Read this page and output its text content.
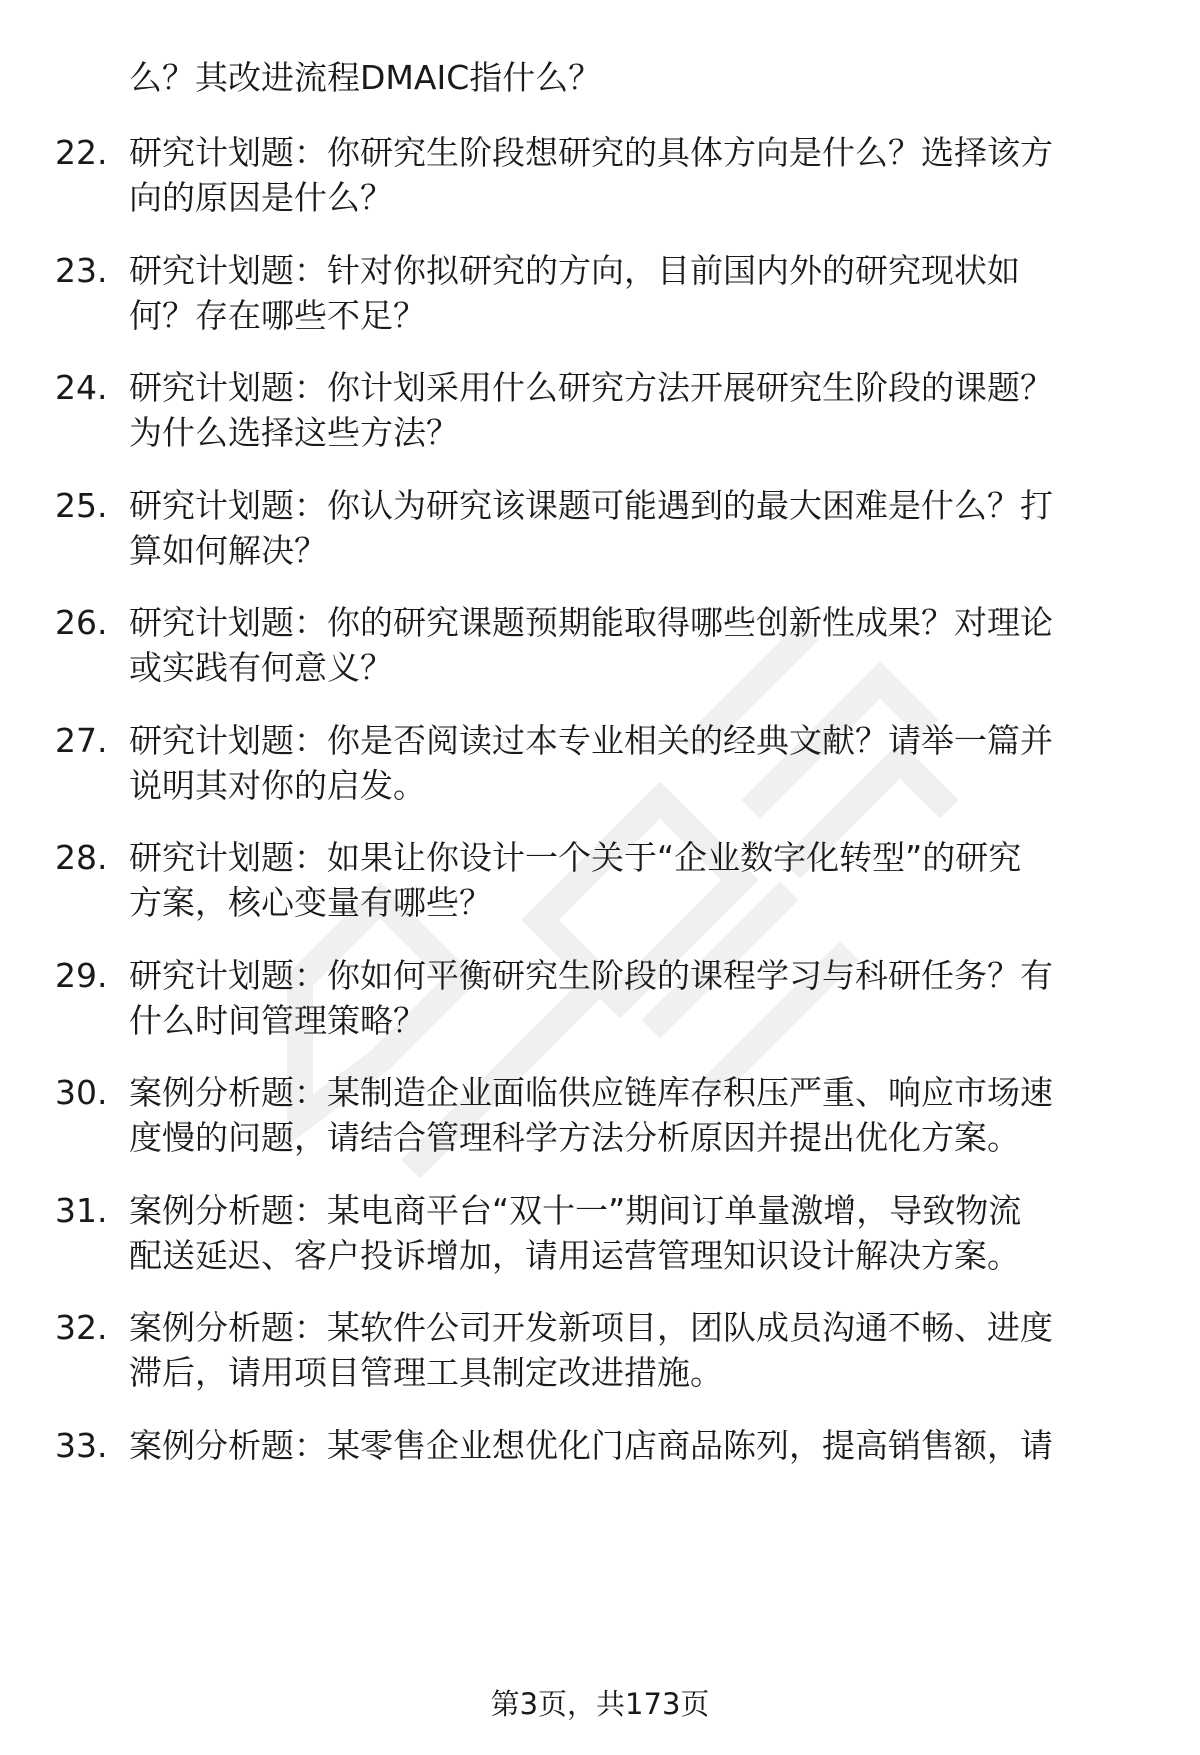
么？其改进流程DMAIC指什么？
22. 研究计划题：你研究生阶段想研究的具体方向是什么？选择该方
向的原因是什么？
23. 研究计划题：针对你拟研究的方向，目前国内外的研究现状如
何？存在哪些不足？
24. 研究计划题：你计划采用什么研究方法开展研究生阶段的课题？
为什么选择这些方法？
25. 研究计划题：你认为研究该课题可能遇到的最大困难是什么？打
算如何解决？
26. 研究计划题：你的研究课题预期能取得哪些创新性成果？对理论
或实践有何意义？
27. 研究计划题：你是否阅读过本专业相关的经典文献？请举一篇并
说明其对你的启发。
28. 研究计划题：如果让你设计一个关于“企业数字化转型”的研究
方案，核心变量有哪些？
29. 研究计划题：你如何平衡研究生阶段的课程学习与科研任务？有
什么时间管理策略？
30. 案例分析题：某制造企业面临供应链库存积压严重、响应市场速
度慢的问题，请结合管理科学方法分析原因并提出优化方案。
31. 案例分析题：某电商平台“双十一”期间订单量激增，导致物流
配送延迟、客户投诉增加，请用运营管理知识设计解决方案。
32. 案例分析题：某软件公司开发新项目，团队成员沟通不畅、进度
滞后，请用项目管理工具制定改进措施。
33. 案例分析题：某零售企业想优化门店商品陈列，提高销售额，请
第3页，共173页
